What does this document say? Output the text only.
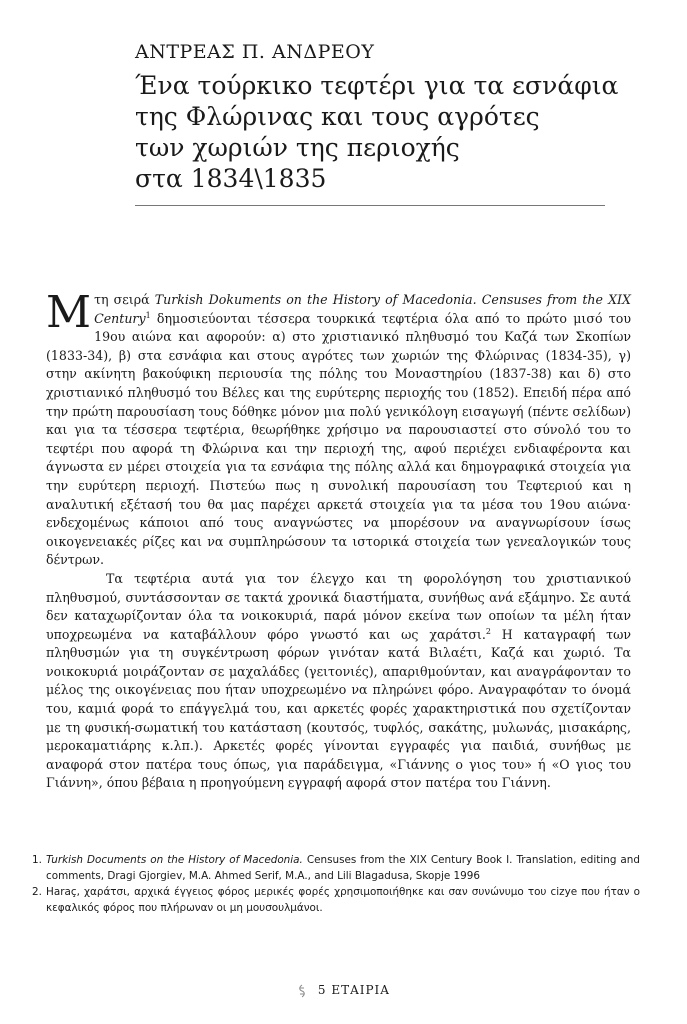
ΑΝΤΡΕΑΣ Π. ΑΝΔΡΕΟΥ

Ένα τούρκικο τεφτέρι για τα εσνάφια
της Φλώρινας και τους αγρότες
των χωριών της περιοχής
στα 1834\1835

Μτη σειρά Turkish Dokuments on the History of Macedonia. Censuses from the XIX Century$^1$ δημοσιεύονται τέσσερα τουρκικά τεφτέρια όλα από το πρώτο μισό του 19ου αιώνα και αφορούν: α) στο χριστιανικό πληθυσμό του Καζά των Σκοπίων (1833-34), β) στα εσνάφια και στους αγρότες των χωριών της Φλώρινας (1834-35), γ) στην ακίνητη βακούφικη περιουσία της πόλης του Μοναστηρίου (1837-38) και δ) στο χριστιανικό πληθυσμό του Βέλες και της ευρύτερης περιοχής του (1852). Επειδή πέρα από την πρώτη παρουσίαση τους δόθηκε μόνον μια πολύ γενικόλογη εισαγωγή (πέντε σελίδων) και για τα τέσσερα τεφτέρια, θεωρήθηκε χρήσιμο να παρουσιαστεί στο σύνολό του το τεφτέρι που αφορά τη Φλώρινα και την περιοχή της, αφού περιέχει ενδιαφέροντα και άγνωστα εν μέρει στοιχεία για τα εσνάφια της πόλης αλλά και δημογραφικά στοιχεία για την ευρύτερη περιοχή. Πιστεύω πως η συνολική παρουσίαση του Τεφτεριού και η αναλυτική εξέτασή του θα μας παρέχει αρκετά στοιχεία για τα μέσα του 19ου αιώνα· ενδεχομένως κάποιοι από τους αναγνώστες να μπορέσουν να αναγνωρίσουν ίσως οικογενειακές ρίζες και να συμπληρώσουν τα ιστορικά στοιχεία των γενεαλογικών τους δέντρων.

Τα τεφτέρια αυτά για τον έλεγχο και τη φορολόγηση του χριστιανικού πληθυσμού, συντάσσονταν σε τακτά χρονικά διαστήματα, συνήθως ανά εξάμηνο. Σε αυτά δεν καταχωρίζονταν όλα τα νοικοκυριά, παρά μόνον εκείνα των οποίων τα μέλη ήταν υποχρεωμένα να καταβάλλουν φόρο γνωστό και ως χαράτσι.$^2$ Η καταγραφή των πληθυσμών για τη συγκέντρωση φόρων γινόταν κατά Βιλαέτι, Καζά και χωριό. Τα νοικοκυριά μοιράζονταν σε μαχαλάδες (γειτονιές), απαριθμούνταν, και αναγράφονταν το μέλος της οικογένειας που ήταν υποχρεωμένο να πληρώνει φόρο. Αναγραφόταν το όνομά του, καμιά φορά το επάγγελμά του, και αρκετές φορές χαρακτηριστικά που σχετίζονταν με τη φυσική-σωματική του κατάσταση (κουτσός, τυφλός, σακάτης, μυλωνάς, μισακάρης, μεροκαματιάρης κ.λπ.). Αρκετές φορές γίνονται εγγραφές για παιδιά, συνήθως με αναφορά στον πατέρα τους όπως, για παράδειγμα, «Γιάννης ο γιος του» ή «Ο γιος του Γιάννη», όπου βέβαια η προηγούμενη εγγραφή αφορά στον πατέρα του Γιάννη.

1. Turkish Documents on the History of Macedonia. Censuses from the XIX Century Book I. Translation, editing and comments, Dragi Gjorgiev, M.A. Ahmed Serif, M.A., and Lili Blagadusa, Skopje 1996

2. Haraç, χαράτσι, αρχικά έγγειος φόρος μερικές φορές χρησιμοποιήθηκε και σαν συνώνυμο του cizye που ήταν ο κεφαλικός φόρος που πλήρωναν οι μη μουσουλμάνοι.

5 ΕΤΑΙΡΙΑ
